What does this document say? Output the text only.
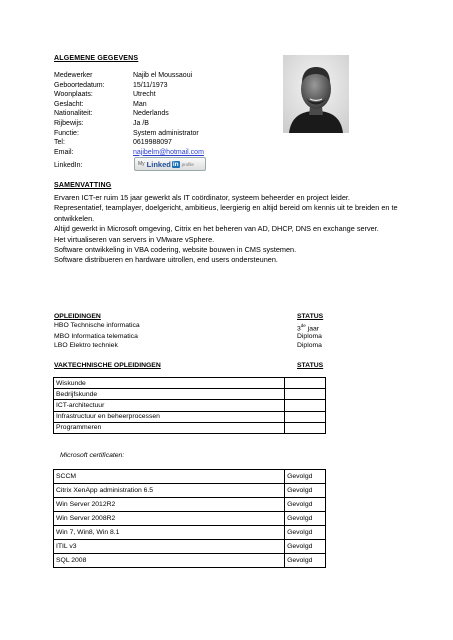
ALGEMENE GEGEVENS
Medewerker	Najib el Moussaoui
Geboortedatum:	15/11/1973
Woonplaats:	Utrecht
Geslacht:	Man
Nationaliteit:	Nederlands
Rijbewijs:	Ja /B
Functie:	System administrator
Tel:	0619988097
Email:	najibelm@hotmail.com
LinkedIn:	My Linked in profile
SAMENVATTING

Ervaren ICT-er ruim 15 jaar gewerkt als IT coördinator, systeem beheerder en project leider.

Representatief, teamplayer, doelgericht, ambitieus, leergierig en altijd bereid om kennis uit te breiden en te ontwikkelen.

Altijd gewerkt in Microsoft omgeving, Citrix en het beheren van AD, DHCP, DNS en exchange server.

Het virtualiseren van servers in VMware vSphere.

Software ontwikkeling in VBA codering, website bouwen in CMS systemen.

Software distribueren en hardware uitrollen, end users ondersteunen.

OPLEIDINGEN	STATUS
HBO Technische informatica	3de jaar
MBO Informatica telematica	Diploma
LBO Elektro techniek	Diploma
VAKTECHNISCHE OPLEIDINGEN	STATUS
Wiskunde	
Bedrijfskunde	
ICT-architectuur	
Infrastructuur en beheerprocessen	
Programmeren	
Microsoft certificaten:
SCCM	Gevolgd
Citrix XenApp administration 6.5	Gevolgd
Win Server 2012R2	Gevolgd
Win Server 2008R2	Gevolgd
Win 7, Win8, Win 8.1	Gevolgd
ITIL v3	Gevolgd
SQL 2008	Gevolgd
